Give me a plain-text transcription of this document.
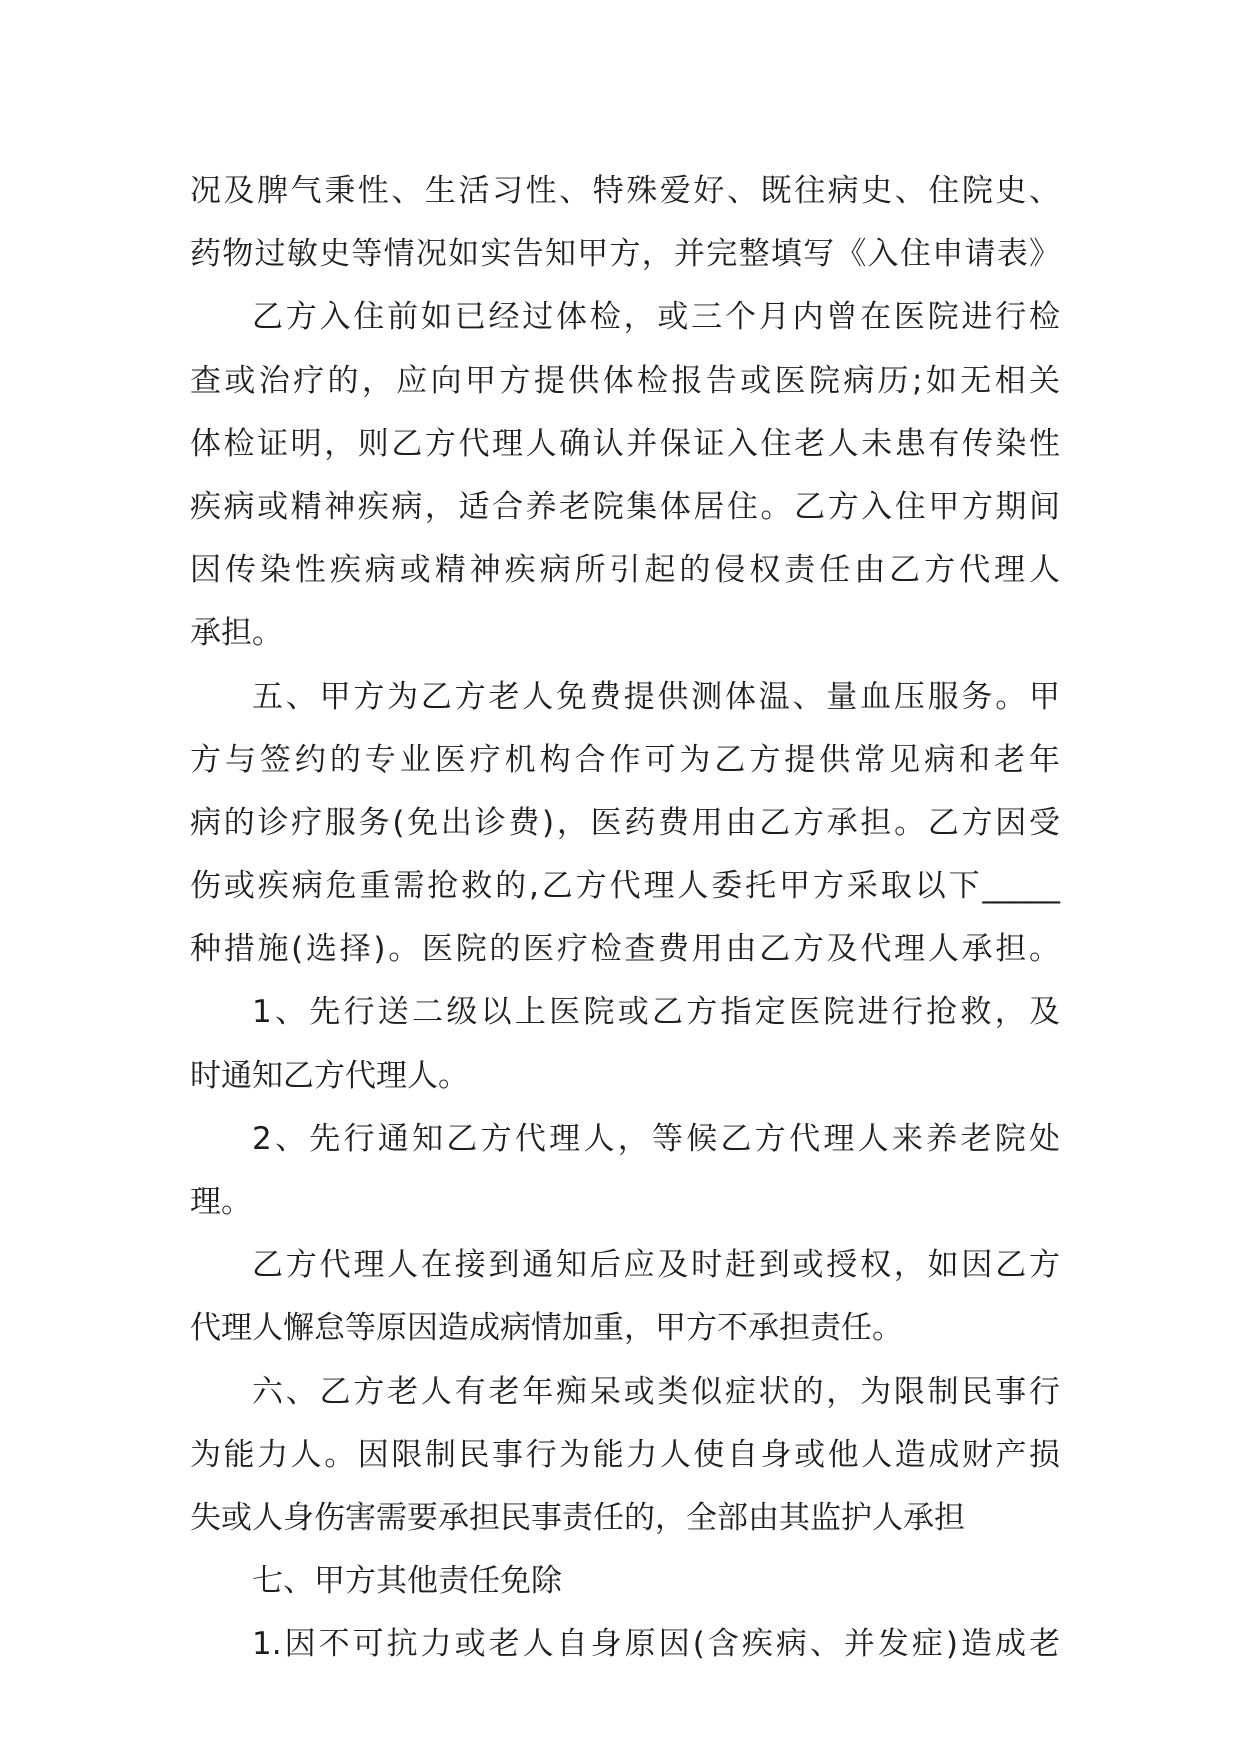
况及脾气秉性、生活习性、特殊爱好、既往病史、住院史、
药物过敏史等情况如实告知甲方，并完整填写《入住申请表》
乙方入住前如已经过体检，或三个月内曾在医院进行检
查或治疗的，应向甲方提供体检报告或医院病历;如无相关
体检证明，则乙方代理人确认并保证入住老人未患有传染性
疾病或精神疾病，适合养老院集体居住。乙方入住甲方期间
因传染性疾病或精神疾病所引起的侵权责任由乙方代理人
承担。
五、甲方为乙方老人免费提供测体温、量血压服务。甲
方与签约的专业医疗机构合作可为乙方提供常见病和老年
病的诊疗服务(免出诊费)，医药费用由乙方承担。乙方因受
伤或疾病危重需抢救的,乙方代理人委托甲方采取以下_____
种措施(选择)。医院的医疗检查费用由乙方及代理人承担。
1、先行送二级以上医院或乙方指定医院进行抢救，及
时通知乙方代理人。
2、先行通知乙方代理人，等候乙方代理人来养老院处
理。
乙方代理人在接到通知后应及时赶到或授权，如因乙方
代理人懈怠等原因造成病情加重，甲方不承担责任。
六、乙方老人有老年痴呆或类似症状的，为限制民事行
为能力人。因限制民事行为能力人使自身或他人造成财产损
失或人身伤害需要承担民事责任的，全部由其监护人承担
七、甲方其他责任免除
1.因不可抗力或老人自身原因(含疾病、并发症)造成老
